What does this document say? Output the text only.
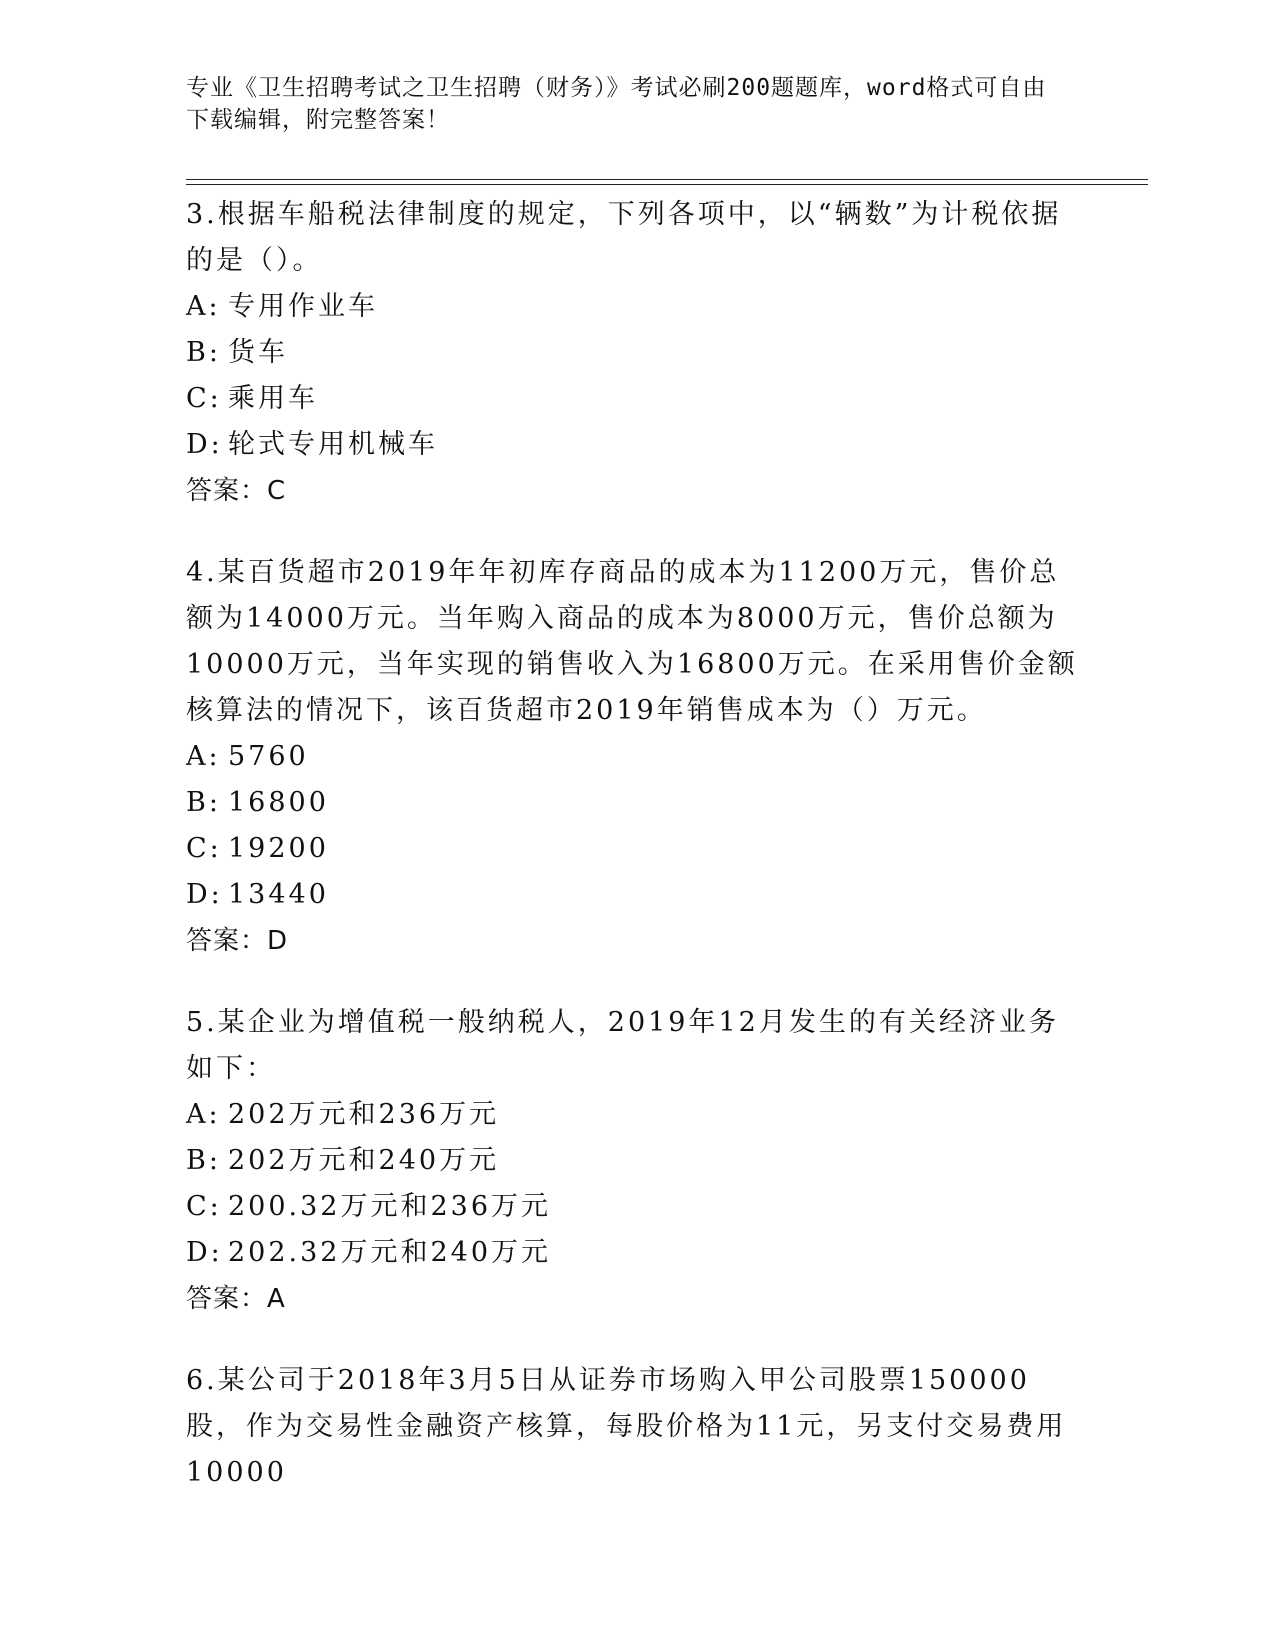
专业《卫生招聘考试之卫生招聘（财务）》考试必刷200题题库，word格式可自由下载编辑，附完整答案！

3.根据车船税法律制度的规定，下列各项中，以“辆数”为计税依据的是（）。

A: 专用作业车
B: 货车
C: 乘用车
D: 轮式专用机械车
答案：C

4.某百货超市2019年年初库存商品的成本为11200万元，售价总额为14000万元。当年购入商品的成本为8000万元，售价总额为10000万元，当年实现的销售收入为16800万元。在采用售价金额核算法的情况下，该百货超市2019年销售成本为（）万元。

A: 5760
B: 16800
C: 19200
D: 13440
答案：D

5.某企业为增值税一般纳税人，2019年12月发生的有关经济业务如下：

A: 202万元和236万元
B: 202万元和240万元
C: 200.32万元和236万元
D: 202.32万元和240万元
答案：A

6.某公司于2018年3月5日从证券市场购入甲公司股票150000股，作为交易性金融资产核算，每股价格为11元，另支付交易费用10000
